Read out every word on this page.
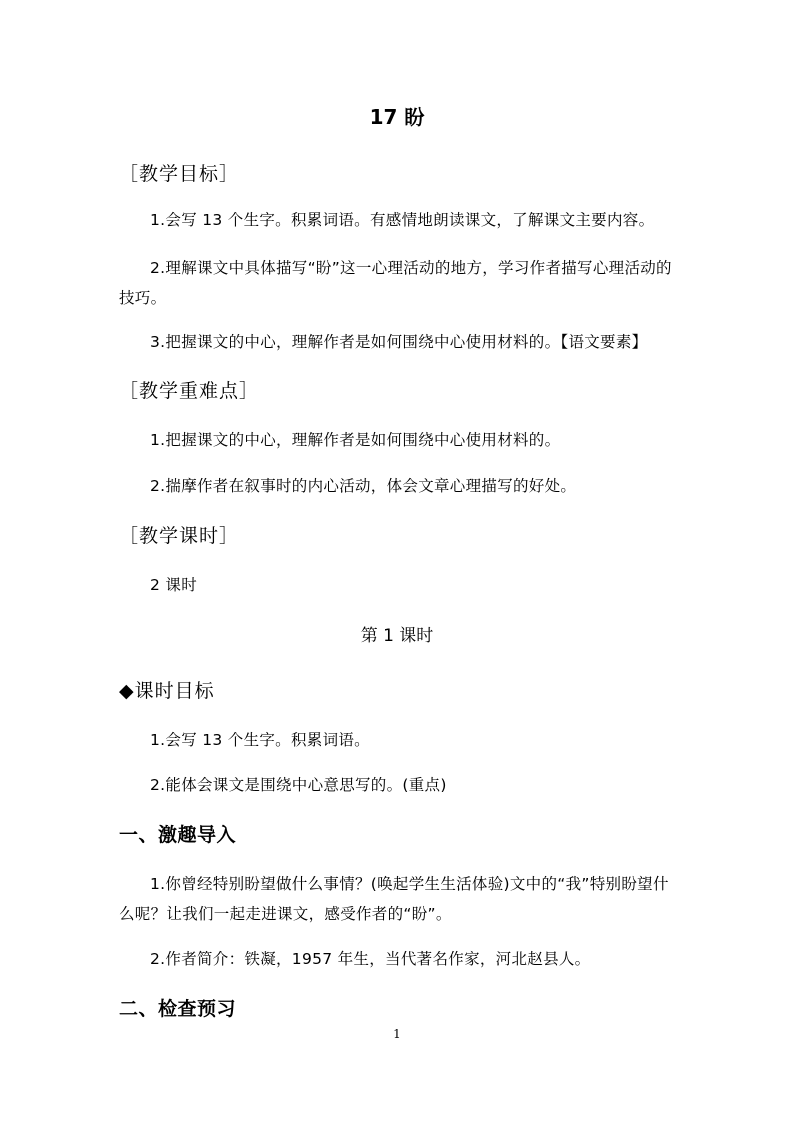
17 盼
［教学目标］
1.会写 13 个生字。积累词语。有感情地朗读课文，了解课文主要内容。
2.理解课文中具体描写“盼”这一心理活动的地方，学习作者描写心理活动的技巧。
3.把握课文的中心，理解作者是如何围绕中心使用材料的。【语文要素】
［教学重难点］
1.把握课文的中心，理解作者是如何围绕中心使用材料的。
2.揣摩作者在叙事时的内心活动，体会文章心理描写的好处。
［教学课时］
2 课时
第 1 课时
◆课时目标
1.会写 13 个生字。积累词语。
2.能体会课文是围绕中心意思写的。(重点)
一、激趣导入
1.你曾经特别盼望做什么事情？(唤起学生生活体验)文中的“我”特别盼望什么呢？让我们一起走进课文，感受作者的“盼”。
2.作者简介：铁凝，1957 年生，当代著名作家，河北赵县人。
二、检查预习
1
